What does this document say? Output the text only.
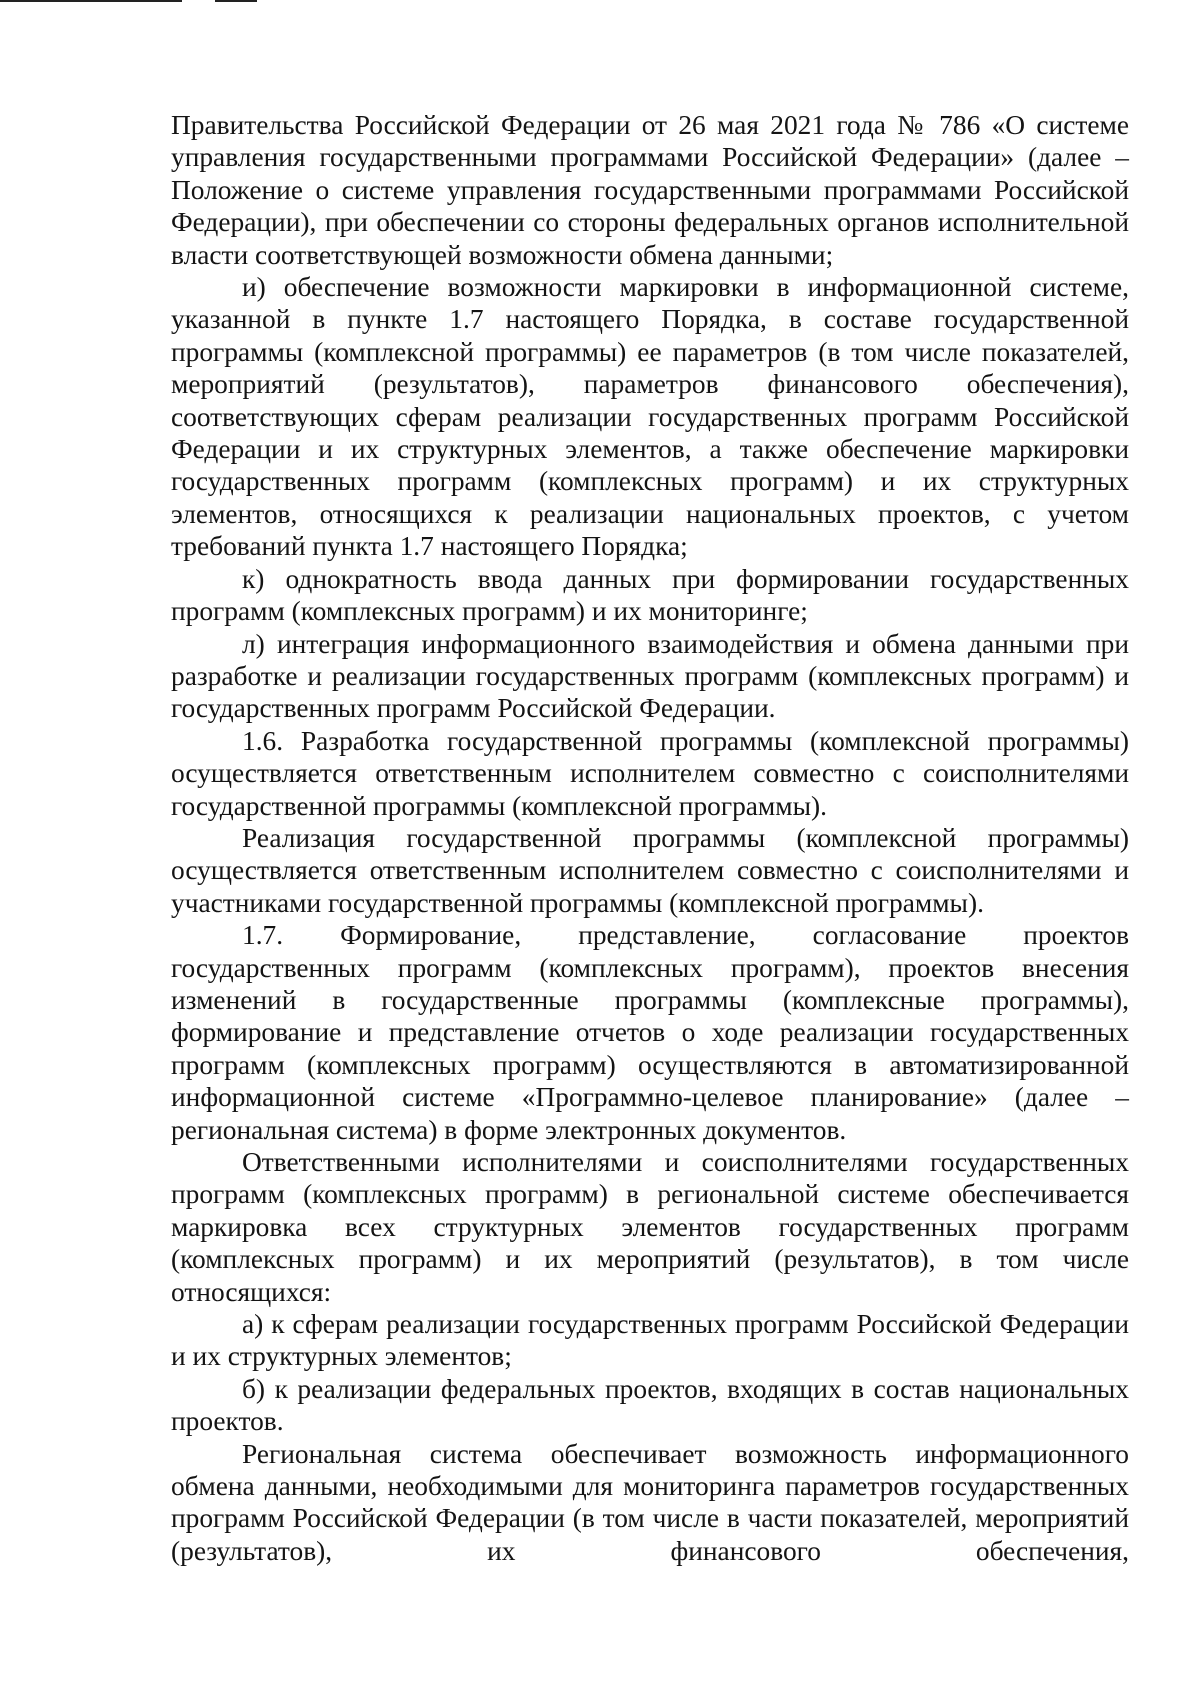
Правительства Российской Федерации от 26 мая 2021 года № 786 «О системе управления государственными программами Российской Федерации» (далее – Положение о системе управления государственными программами Российской Федерации), при обеспечении со стороны федеральных органов исполнительной власти соответствующей возможности обмена данными;

и) обеспечение возможности маркировки в информационной системе, указанной в пункте 1.7 настоящего Порядка, в составе государственной программы (комплексной программы) ее параметров (в том числе показателей, мероприятий (результатов), параметров финансового обеспечения), соответствующих сферам реализации государственных программ Российской Федерации и их структурных элементов, а также обеспечение маркировки государственных программ (комплексных программ) и их структурных элементов, относящихся к реализации национальных проектов, с учетом требований пункта 1.7 настоящего Порядка;

к) однократность ввода данных при формировании государственных программ (комплексных программ) и их мониторинге;

л) интеграция информационного взаимодействия и обмена данными при разработке и реализации государственных программ (комплексных программ) и государственных программ Российской Федерации.

1.6. Разработка государственной программы (комплексной программы) осуществляется ответственным исполнителем совместно с соисполнителями государственной программы (комплексной программы).

Реализация государственной программы (комплексной программы) осуществляется ответственным исполнителем совместно с соисполнителями и участниками государственной программы (комплексной программы).

1.7. Формирование, представление, согласование проектов государственных программ (комплексных программ), проектов внесения изменений в государственные программы (комплексные программы), формирование и представление отчетов о ходе реализации государственных программ (комплексных программ) осуществляются в автоматизированной информационной системе «Программно-целевое планирование» (далее – региональная система) в форме электронных документов.

Ответственными исполнителями и соисполнителями государственных программ (комплексных программ) в региональной системе обеспечивается маркировка всех структурных элементов государственных программ (комплексных программ) и их мероприятий (результатов), в том числе относящихся:

а) к сферам реализации государственных программ Российской Федерации и их структурных элементов;

б) к реализации федеральных проектов, входящих в состав национальных проектов.

Региональная система обеспечивает возможность информационного обмена данными, необходимыми для мониторинга параметров государственных программ Российской Федерации (в том числе в части показателей, мероприятий (результатов), их финансового обеспечения,
